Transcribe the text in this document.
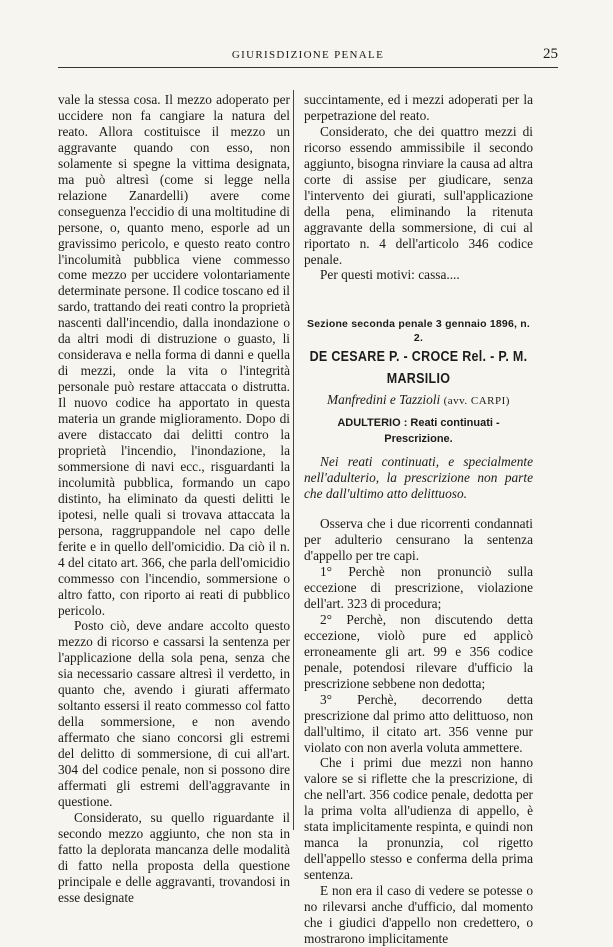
GIURISDIZIONE PENALE	25

vale la stessa cosa. Il mezzo adoperato per uccidere non fa cangiare la natura del reato. Allora costituisce il mezzo un aggravante quando con esso, non solamente si spegne la vittima designata, ma può altresì (come si legge nella relazione Zanardelli) avere come conseguenza l'eccidio di una moltitudine di persone, o, quanto meno, esporle ad un gravissimo pericolo, e questo reato contro l'incolumità pubblica viene commesso come mezzo per uccidere volontariamente determinate persone. Il codice toscano ed il sardo, trattando dei reati contro la proprietà nascenti dall'incendio, dalla inondazione o da altri modi di distruzione o guasto, li considerava e nella forma di danni e quella di mezzi, onde la vita o l'integrità personale può restare attaccata o distrutta. Il nuovo codice ha apportato in questa materia un grande miglioramento. Dopo di avere distaccato dai delitti contro la proprietà l'incendio, l'inondazione, la sommersione di navi ecc., risguardanti la incolumità pubblica, formando un capo distinto, ha eliminato da questi delitti le ipotesi, nelle quali si trovava attaccata la persona, raggruppandole nel capo delle ferite e in quello dell'omicidio. Da ciò il n. 4 del citato art. 366, che parla dell'omicidio commesso con l'incendio, sommersione o altro fatto, con riporto ai reati di pubblico pericolo.

Posto ciò, deve andare accolto questo mezzo di ricorso e cassarsi la sentenza per l'applicazione della sola pena, senza che sia necessario cassare altresì il verdetto, in quanto che, avendo i giurati affermato soltanto essersi il reato commesso col fatto della sommersione, e non avendo affermato che siano concorsi gli estremi del delitto di sommersione, di cui all'art. 304 del codice penale, non si possono dire affermati gli estremi dell'aggravante in questione.

Considerato, su quello riguardante il secondo mezzo aggiunto, che non sta in fatto la deplorata mancanza delle modalità di fatto nella proposta della questione principale e delle aggravanti, trovandosi in esse designate

succintamente, ed i mezzi adoperati per la perpetrazione del reato.

Considerato, che dei quattro mezzi di ricorso essendo ammissibile il secondo aggiunto, bisogna rinviare la causa ad altra corte di assise per giudicare, senza l'intervento dei giurati, sull'applicazione della pena, eliminando la ritenuta aggravante della sommersione, di cui al riportato n. 4 dell'articolo 346 codice penale.

Per questi motivi: cassa....

Sezione seconda penale 3 gennaio 1896, n. 2.
DE CESARE P. - CROCE Rel. - P. M. MARSILIO
Manfredini e Tazzioli (avv. CARPI)
ADULTERIO : Reati continuati - Prescrizione.

Nei reati continuati, e specialmente nell'adulterio, la prescrizione non parte che dall'ultimo atto delittuoso.

Osserva che i due ricorrenti condannati per adulterio censurano la sentenza d'appello per tre capi.

1° Perchè non pronunciò sulla eccezione di prescrizione, violazione dell'art. 323 di procedura;

2° Perchè, non discutendo detta eccezione, violò pure ed applicò erroneamente gli art. 99 e 356 codice penale, potendosi rilevare d'ufficio la prescrizione sebbene non dedotta;

3° Perchè, decorrendo detta prescrizione dal primo atto delittuoso, non dall'ultimo, il citato art. 356 venne pur violato con non averla voluta ammettere.

Che i primi due mezzi non hanno valore se si riflette che la prescrizione, di che nell'art. 356 codice penale, dedotta per la prima volta all'udienza di appello, è stata implicitamente respinta, e quindi non manca la pronunzia, col rigetto dell'appello stesso e conferma della prima sentenza.

E non era il caso di vedere se potesse o no rilevarsi anche d'ufficio, dal momento che i giudici d'appello non credettero, o mostrarono implicitamente
